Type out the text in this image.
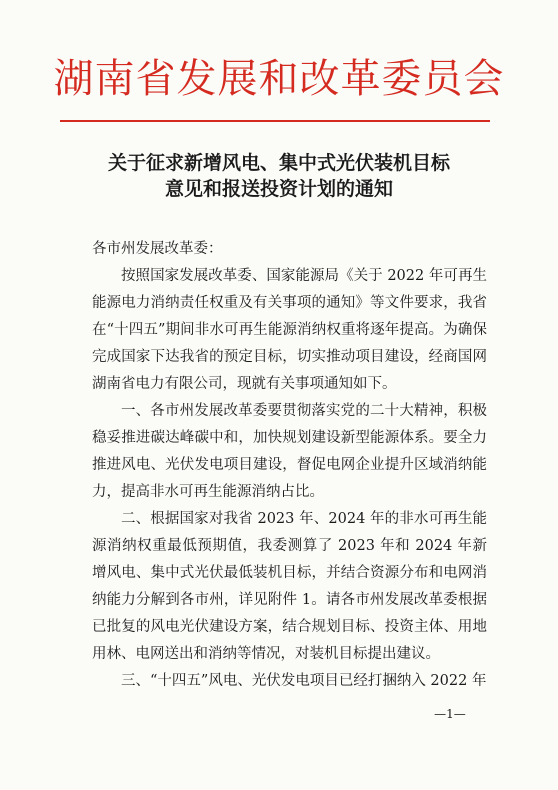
湖南省发展和改革委员会
关于征求新增风电、集中式光伏装机目标
意见和报送投资计划的通知

各市州发展改革委：

按照国家发展改革委、国家能源局《关于 2022 年可再生能源电力消纳责任权重及有关事项的通知》等文件要求，我省在“十四五”期间非水可再生能源消纳权重将逐年提高。为确保完成国家下达我省的预定目标，切实推动项目建设，经商国网湖南省电力有限公司，现就有关事项通知如下。

一、各市州发展改革委要贯彻落实党的二十大精神，积极稳妥推进碳达峰碳中和，加快规划建设新型能源体系。要全力推进风电、光伏发电项目建设，督促电网企业提升区域消纳能力，提高非水可再生能源消纳占比。

二、根据国家对我省 2023 年、2024 年的非水可再生能源消纳权重最低预期值，我委测算了 2023 年和 2024 年新增风电、集中式光伏最低装机目标，并结合资源分布和电网消纳能力分解到各市州，详见附件 1。请各市州发展改革委根据已批复的风电光伏建设方案，结合规划目标、投资主体、用地用林、电网送出和消纳等情况，对装机目标提出建议。

三、“十四五”风电、光伏发电项目已经打捆纳入 2022 年

—1—
